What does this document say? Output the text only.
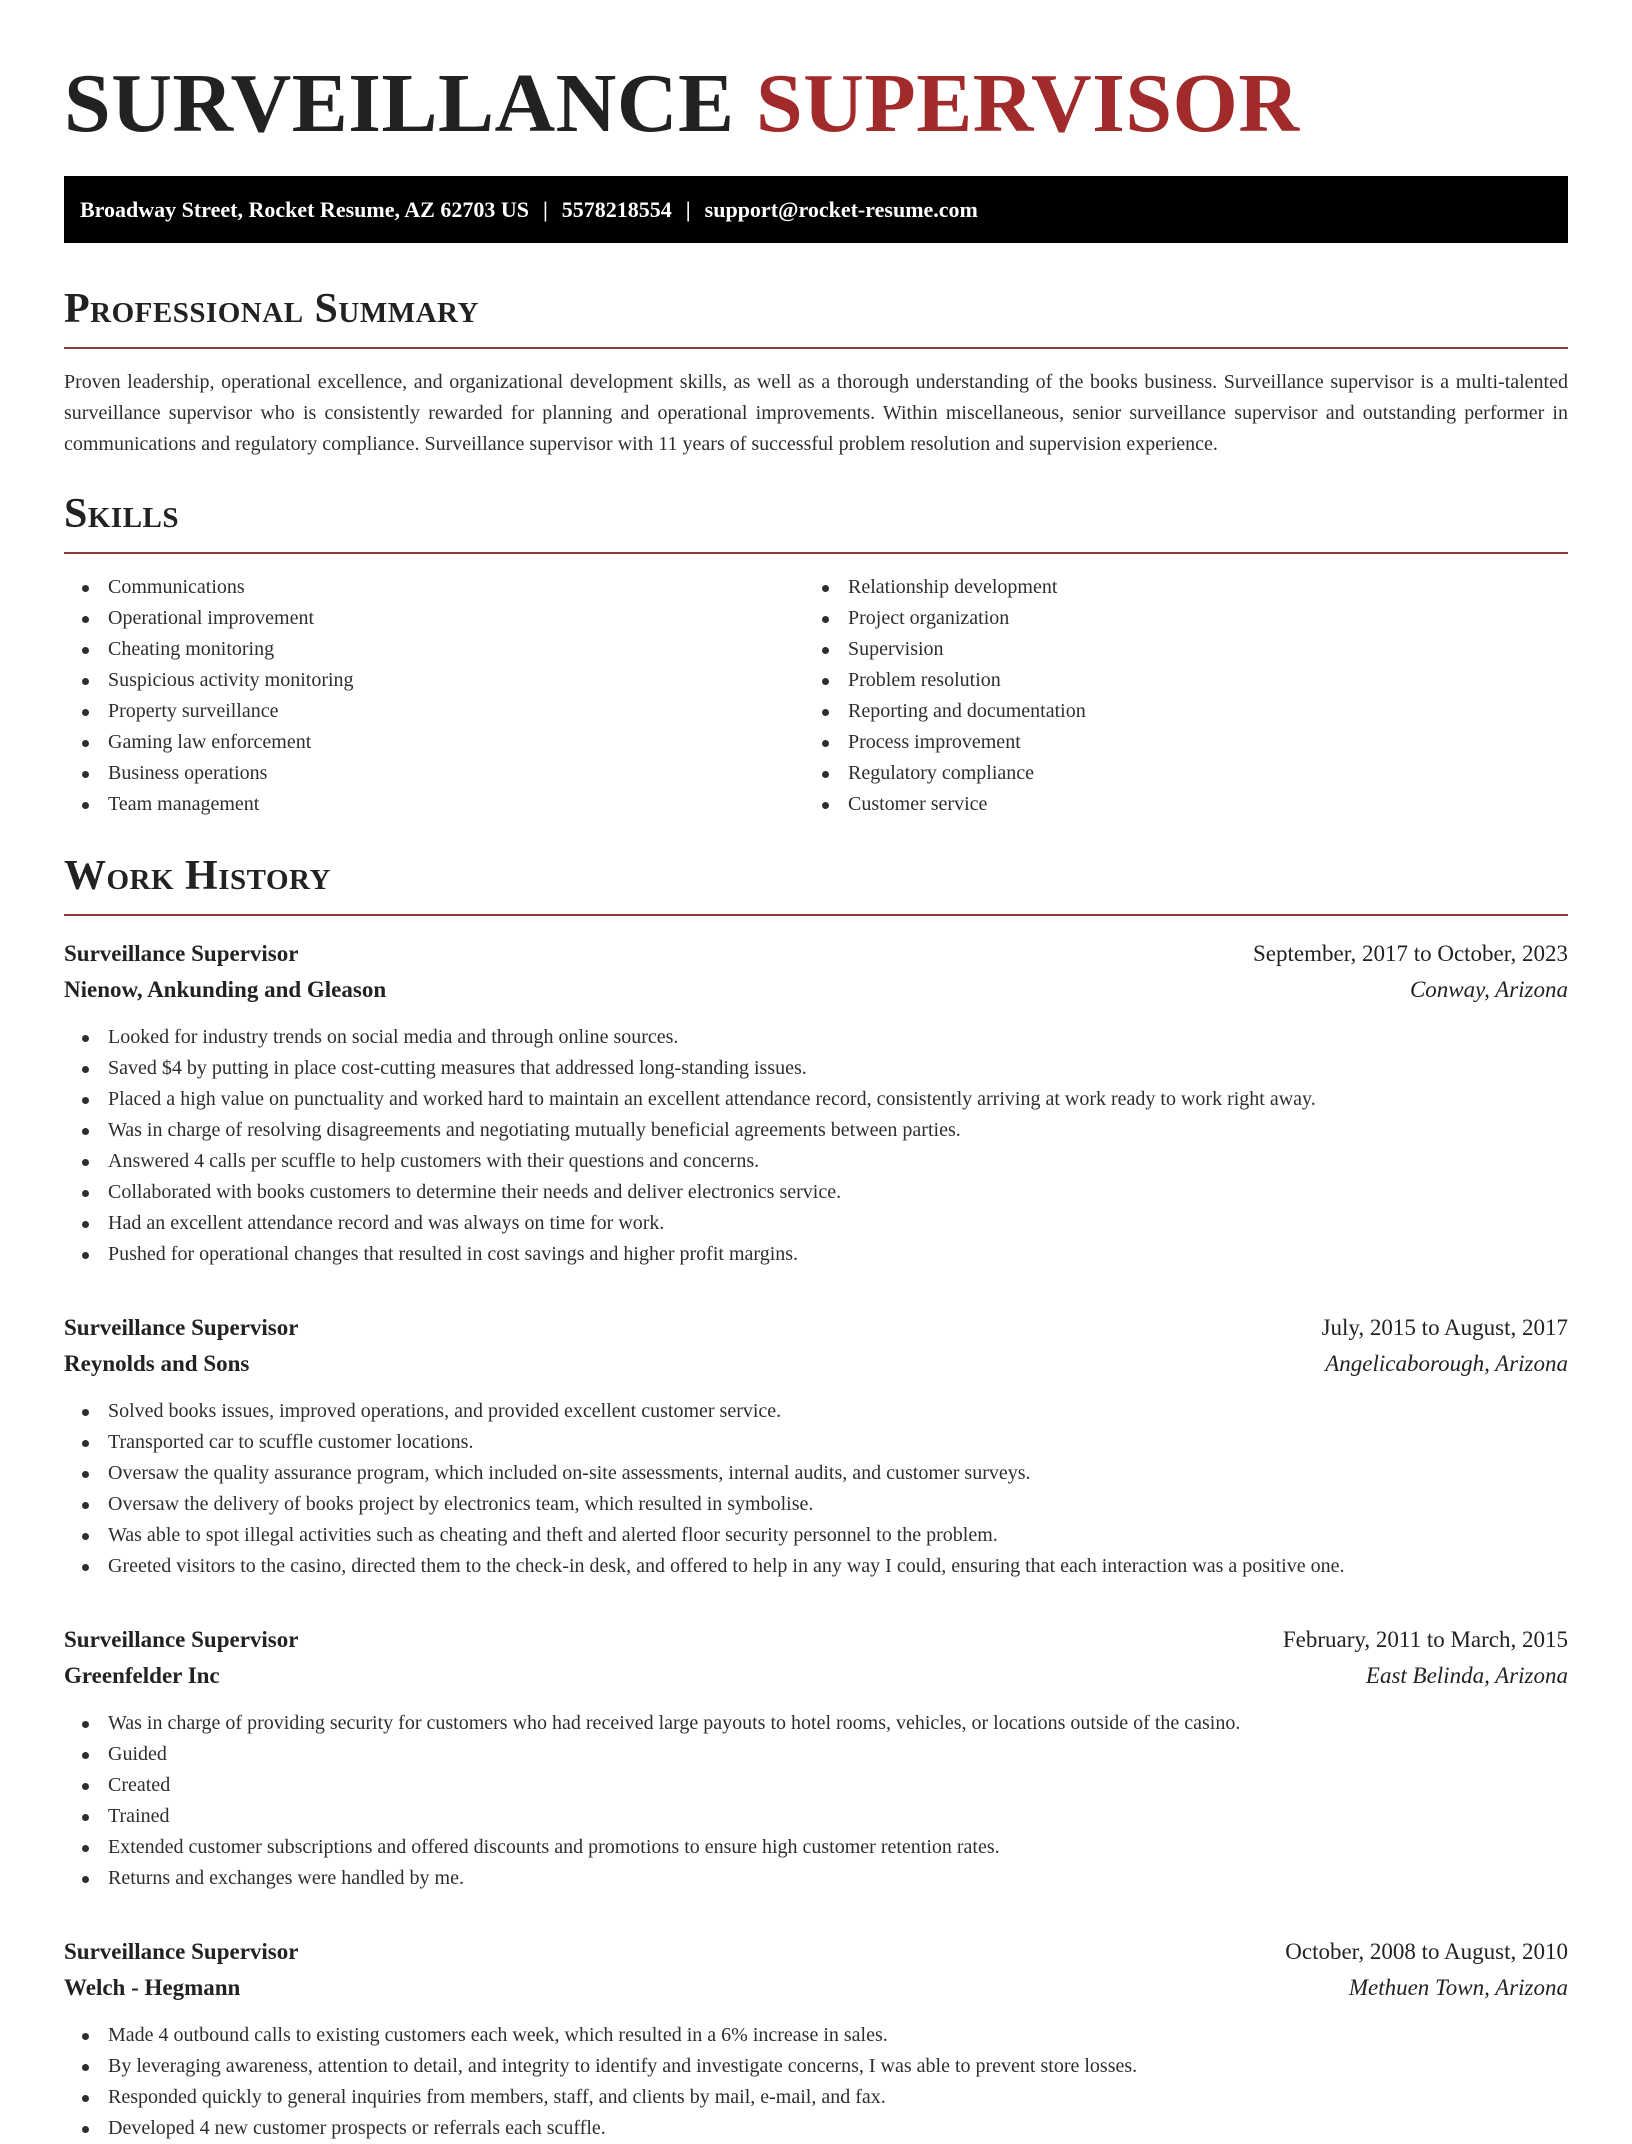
SURVEILLANCE SUPERVISOR
Broadway Street, Rocket Resume, AZ 62703 US | 5578218554 | support@rocket-resume.com
Professional Summary

Proven leadership, operational excellence, and organizational development skills, as well as a thorough understanding of the books business. Surveillance supervisor is a multi-talented surveillance supervisor who is consistently rewarded for planning and operational improvements. Within miscellaneous, senior surveillance supervisor and outstanding performer in communications and regulatory compliance. Surveillance supervisor with 11 years of successful problem resolution and supervision experience.

Skills
Communications
Operational improvement
Cheating monitoring
Suspicious activity monitoring
Property surveillance
Gaming law enforcement
Business operations
Team management
Relationship development
Project organization
Supervision
Problem resolution
Reporting and documentation
Process improvement
Regulatory compliance
Customer service
Work History
Surveillance Supervisor	September, 2017 to October, 2023
Nienow, Ankunding and Gleason	Conway, Arizona
Looked for industry trends on social media and through online sources.
Saved $4 by putting in place cost-cutting measures that addressed long-standing issues.
Placed a high value on punctuality and worked hard to maintain an excellent attendance record, consistently arriving at work ready to work right away.
Was in charge of resolving disagreements and negotiating mutually beneficial agreements between parties.
Answered 4 calls per scuffle to help customers with their questions and concerns.
Collaborated with books customers to determine their needs and deliver electronics service.
Had an excellent attendance record and was always on time for work.
Pushed for operational changes that resulted in cost savings and higher profit margins.
Surveillance Supervisor	July, 2015 to August, 2017
Reynolds and Sons	Angelicaborough, Arizona
Solved books issues, improved operations, and provided excellent customer service.
Transported car to scuffle customer locations.
Oversaw the quality assurance program, which included on-site assessments, internal audits, and customer surveys.
Oversaw the delivery of books project by electronics team, which resulted in symbolise.
Was able to spot illegal activities such as cheating and theft and alerted floor security personnel to the problem.
Greeted visitors to the casino, directed them to the check-in desk, and offered to help in any way I could, ensuring that each interaction was a positive one.
Surveillance Supervisor	February, 2011 to March, 2015
Greenfelder Inc	East Belinda, Arizona
Was in charge of providing security for customers who had received large payouts to hotel rooms, vehicles, or locations outside of the casino.
Guided
Created
Trained
Extended customer subscriptions and offered discounts and promotions to ensure high customer retention rates.
Returns and exchanges were handled by me.
Surveillance Supervisor	October, 2008 to August, 2010
Welch - Hegmann	Methuen Town, Arizona
Made 4 outbound calls to existing customers each week, which resulted in a 6% increase in sales.
By leveraging awareness, attention to detail, and integrity to identify and investigate concerns, I was able to prevent store losses.
Responded quickly to general inquiries from members, staff, and clients by mail, e-mail, and fax.
Developed 4 new customer prospects or referrals each scuffle.
